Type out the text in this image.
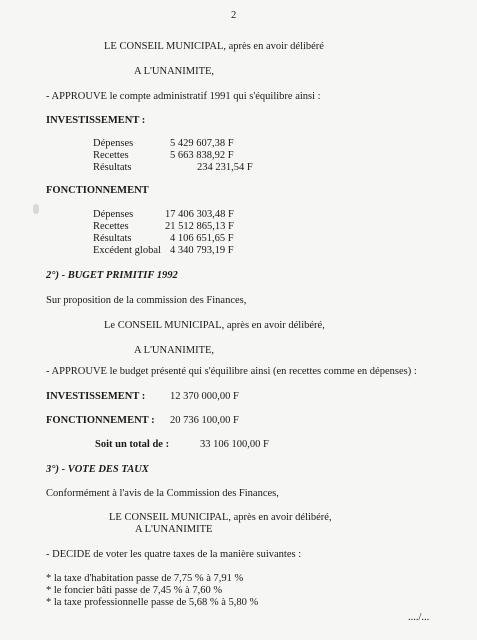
2
LE CONSEIL MUNICIPAL, après en avoir délibéré
A L'UNANIMITE,
- APPROUVE le compte administratif 1991 qui s'équilibre ainsi :
INVESTISSEMENT :
Dépenses	5 429 607,38 F
Recettes	5 663 838,92 F
Résultats	234 231,54 F
FONCTIONNEMENT
Dépenses	17 406 303,48 F
Recettes	21 512 865,13 F
Résultats	4 106 651,65 F
Excédent global 4 340 793,19 F
2°) - BUGET PRIMITIF 1992
Sur proposition de la commission des Finances,
Le CONSEIL MUNICIPAL, après en avoir délibéré,
A L'UNANIMITE,
- APPROUVE le budget présenté qui s'équilibre ainsi (en recettes comme en dépenses) :
INVESTISSEMENT : 12 370 000,00 F
FONCTIONNEMENT : 20 736 100,00 F
Soit un total de :	33 106 100,00 F
3°) - VOTE DES TAUX
Conformément à l'avis de la Commission des Finances,
LE CONSEIL MUNICIPAL, après en avoir délibéré,
A L'UNANIMITE
- DECIDE de voter les quatre taxes de la manière suivantes :
* la taxe d'habitation passe de 7,75 % à 7,91 %
* le foncier bâti passe de 7,45 % à 7,60 %
* la taxe professionnelle passe de 5,68 % à 5,80 %
..../...
